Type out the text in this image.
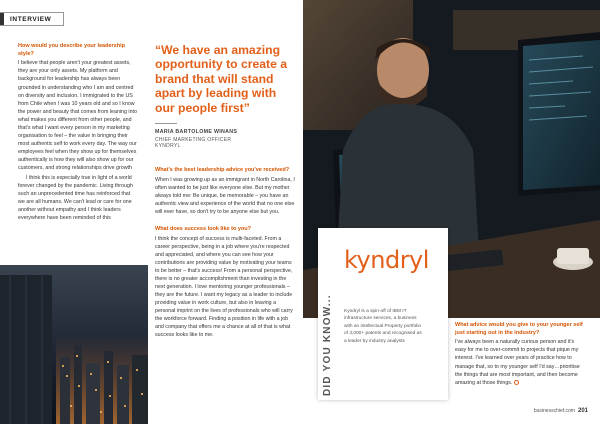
INTERVIEW
How would you describe your leadership style?

I believe that people aren't your greatest assets, they are your only assets. My platform and background for leadership has always been grounded in understanding who I am and centred on diversity and inclusion. I immigrated to the US from Chile when I was 10 years old and so I know the power and beauty that comes from leaning into what makes you different from other people, and that's what I want every person in my marketing organisation to feel – the value in bringing their most authentic self to work every day. The way our employees feel when they show up for themselves authentically is how they will also show up for our customers, and strong relationships drive growth

I think this is especially true in light of a world forever changed by the pandemic. Living through such an unprecedented time has reinforced that we are all humans. We can't lead or care for one another without empathy and I think leaders everywhere have been reminded of this

“We have an amazing opportunity to create a brand that will stand apart by leading with our people first”
MARIA BARTOLOME WINANS
CHIEF MARKETING OFFICER
KYNDRYL
What's the best leadership advice you've received?

When I was growing up as an immigrant in North Carolina, I often wanted to be just like everyone else. But my mother always told me: Be unique, be memorable – you have an authentic view and experience of the world that no one else will ever have, so don't try to be anyone else but you.

What does success look like to you?

I think the concept of success is multi-faceted. From a career perspective, being in a job where you're respected and appreciated, and where you can see how your contributions are providing value by motivating your teams to be better – that's success! From a personal perspective, there is no greater accomplishment than investing in the next generation. I love mentoring younger professionals – they are the future. I want my legacy as a leader to include providing value in work culture, but also in leaving a personal imprint on the lives of professionals who will carry the workforce forward. Finding a position in life with a job and company that offers me a chance at all of that is what success looks like to me.	DID YOU KNOW...
kyndryl
Kyndryl is a spin-off of IBM IT infrastructure services, a business with an intellectual Property portfolio of 3,000+ patents and recognised as a leader by industry analysts
What advice would you give to your younger self just starting out in the industry?

I've always been a naturally curious person and it's easy for me to over-commit to projects that pique my interest. I've learned over years of practice how to manage that, so to my younger self I'd say…prioritise the things that are most important, and then become amazing at those things.

businesschief.com 201
